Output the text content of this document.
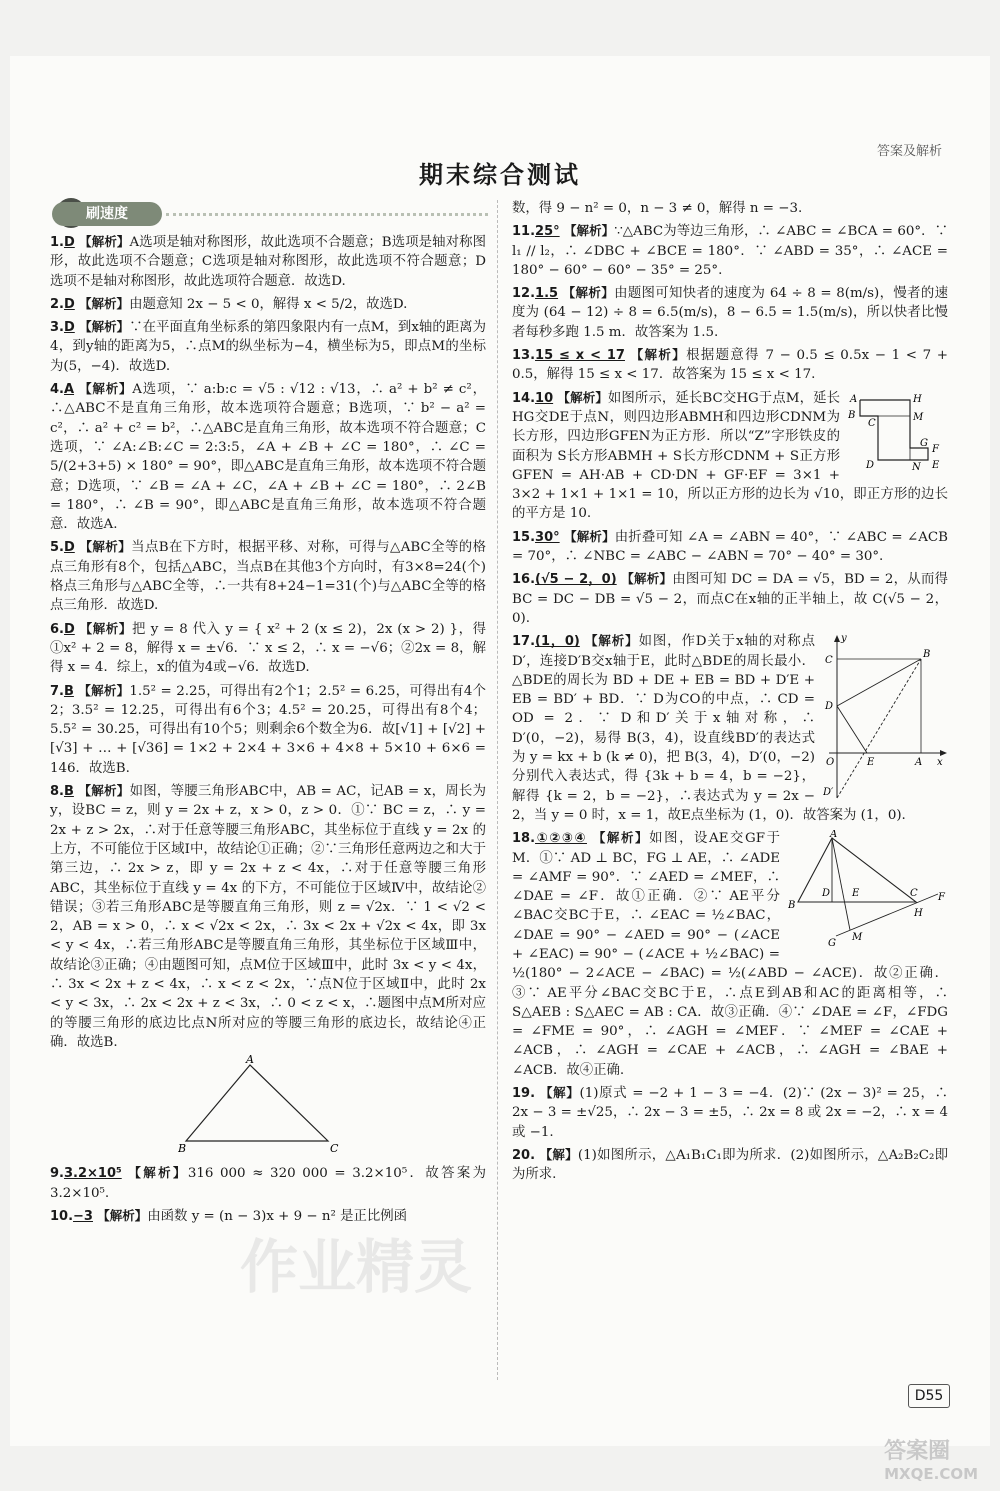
答案及解析
期末综合测试
刷速度
1.D 【解析】A选项是轴对称图形，故此选项不合题意；B选项是轴对称图形，故此选项不合题意；C选项是轴对称图形，故此选项不符合题意；D选项不是轴对称图形，故此选项符合题意．故选D.
2.D 【解析】由题意知 2x − 5 < 0，解得 x < 5/2，故选D.
3.D 【解析】∵在平面直角坐标系的第四象限内有一点M，到x轴的距离为4，到y轴的距离为5，∴点M的纵坐标为−4，横坐标为5，即点M的坐标为(5，−4)．故选D.
4.A 【解析】A选项，∵ a:b:c = √5 : √12 : √13，∴ a² + b² ≠ c²，∴△ABC不是直角三角形，故本选项符合题意；B选项，∵ b² − a² = c²，∴ a² + c² = b²，∴△ABC是直角三角形，故本选项不符合题意；C选项，∵ ∠A:∠B:∠C = 2:3:5，∠A + ∠B + ∠C = 180°，∴ ∠C = 5/(2+3+5) × 180° = 90°，即△ABC是直角三角形，故本选项不符合题意；D选项，∵ ∠B = ∠A + ∠C，∠A + ∠B + ∠C = 180°，∴ 2∠B = 180°，∴ ∠B = 90°，即△ABC是直角三角形，故本选项不符合题意．故选A.
5.D 【解析】当点B在下方时，根据平移、对称，可得与△ABC全等的格点三角形有8个，包括△ABC，当点B在其他3个方向时，有3×8=24(个)格点三角形与△ABC全等，∴一共有8+24−1=31(个)与△ABC全等的格点三角形．故选D.
6.D 【解析】把 y = 8 代入 y = { x² + 2 (x ≤ 2)，2x (x > 2) }，得①x² + 2 = 8，解得 x = ±√6．∵ x ≤ 2，∴ x = −√6；②2x = 8，解得 x = 4．综上，x的值为4或−√6．故选D.
7.B 【解析】1.5² = 2.25，可得出有2个1；2.5² = 6.25，可得出有4个2；3.5² = 12.25，可得出有6个3；4.5² = 20.25，可得出有8个4；5.5² = 30.25，可得出有10个5；则剩余6个数全为6．故[√1] + [√2] + [√3] + … + [√36] = 1×2 + 2×4 + 3×6 + 4×8 + 5×10 + 6×6 = 146．故选B.
8.B 【解析】如图，等腰三角形ABC中，AB = AC，记AB = x，周长为y，设BC = z，则 y = 2x + z，x > 0，z > 0．①∵ BC = z，∴ y = 2x + z > 2x，∴对于任意等腰三角形ABC，其坐标位于直线 y = 2x 的上方，不可能位于区域Ⅰ中，故结论①正确；②∵三角形任意两边之和大于第三边，∴ 2x > z，即 y = 2x + z < 4x，∴对于任意等腰三角形ABC，其坐标位于直线 y = 4x 的下方，不可能位于区域Ⅳ中，故结论②错误；③若三角形ABC是等腰直角三角形，则 z = √2x．∵ 1 < √2 < 2，AB = x > 0，∴ x < √2x < 2x，∴ 3x < 2x + √2x < 4x，即 3x < y < 4x，∴若三角形ABC是等腰直角三角形，其坐标位于区域Ⅲ中，故结论③正确；④由题图可知，点M位于区域Ⅲ中，此时 3x < y < 4x，∴ 3x < 2x + z < 4x，∴ x < z < 2x，∵点N位于区域Ⅱ中，此时 2x < y < 3x，∴ 2x < 2x + z < 3x，∴ 0 < z < x，∴题图中点M所对应的等腰三角形的底边比点N所对应的等腰三角形的底边长，故结论④正确．故选B.
A
B	C
9.3.2×10⁵ 【解析】316 000 ≈ 320 000 = 3.2×10⁵．故答案为 3.2×10⁵.
10.−3 【解析】由函数 y = (n − 3)x + 9 − n² 是正比例函
数，得 9 − n² = 0，n − 3 ≠ 0，解得 n = −3.
11.25° 【解析】∵△ABC为等边三角形，∴ ∠ABC = ∠BCA = 60°．∵ l₁ // l₂，∴ ∠DBC + ∠BCE = 180°．∵ ∠ABD = 35°，∴ ∠ACE = 180° − 60° − 60° − 35° = 25°.
12.1.5 【解析】由题图可知快者的速度为 64 ÷ 8 = 8(m/s)，慢者的速度为 (64 − 12) ÷ 8 = 6.5(m/s)，8 − 6.5 = 1.5(m/s)，所以快者比慢者每秒多跑 1.5 m．故答案为 1.5.
13.15 ≤ x < 17 【解析】根据题意得 7 − 0.5 ≤ 0.5x − 1 < 7 + 0.5，解得 15 ≤ x < 17．故答案为 15 ≤ x < 17.
A	H
B
C
M
G
F
D	N E
14.10 【解析】如图所示，延长BC交HG于点M，延长HG交DE于点N，则四边形ABMH和四边形CDNM为长方形，四边形GFEN为正方形．所以“Z”字形铁皮的面积为 S长方形ABMH + S长方形CDNM + S正方形GFEN = AH·AB + CD·DN + GF·EF = 3×1 + 3×2 + 1×1 + 1×1 = 10，所以正方形的边长为 √10，即正方形的边长的平方是 10.
15.30° 【解析】由折叠可知 ∠A = ∠ABN = 40°，∵ ∠ABC = ∠ACB = 70°，∴ ∠NBC = ∠ABC − ∠ABN = 70° − 40° = 30°.
16.(√5 − 2，0) 【解析】由图可知 DC = DA = √5，BD = 2，从而得 BC = DC − DB = √5 − 2，而点C在x轴的正半轴上，故 C(√5 − 2，0).
y
x
C
B
D
O	E	A
D′
17.(1，0) 【解析】如图，作D关于x轴的对称点D′，连接D′B交x轴于E，此时△BDE的周长最小．△BDE的周长为 BD + DE + EB = BD + D′E + EB = BD′ + BD．∵ D为CO的中点，∴ CD = OD = 2．∵ D和D′关于x轴对称，∴ D′(0，−2)，易得 B(3，4)，设直线BD′的表达式为 y = kx + b (k ≠ 0)，把 B(3，4)，D′(0，−2) 分别代入表达式，得 {3k + b = 4，b = −2}，解得 {k = 2，b = −2}，∴表达式为 y = 2x − 2，当 y = 0 时，x = 1，故E点坐标为 (1，0)．故答案为 (1，0).
A
B
D E	C F
H
G
M
18.①②③④ 【解析】如图，设AE交GF于M．①∵ AD ⊥ BC，FG ⊥ AE，∴ ∠ADE = ∠AMF = 90°．∵ ∠AED = ∠MEF，∴ ∠DAE = ∠F．故①正确．②∵ AE平分∠BAC交BC于E，∴ ∠EAC = ½∠BAC，∠DAE = 90° − ∠AED = 90° − (∠ACE + ∠EAC) = 90° − (∠ACE + ½∠BAC) = ½(180° − 2∠ACE − ∠BAC) = ½(∠ABD − ∠ACE)．故②正确．③∵ AE平分∠BAC交BC于E，∴点E到AB和AC的距离相等，∴ S△AEB : S△AEC = AB : CA．故③正确．④∵ ∠DAE = ∠F，∠FDG = ∠FME = 90°，∴ ∠AGH = ∠MEF．∵ ∠MEF = ∠CAE + ∠ACB，∴ ∠AGH = ∠CAE + ∠ACB，∴ ∠AGH = ∠BAE + ∠ACB．故④正确.
19. 【解】(1)原式 = −2 + 1 − 3 = −4．(2)∵ (2x − 3)² = 25，∴ 2x − 3 = ±√25，∴ 2x − 3 = ±5，∴ 2x = 8 或 2x = −2，∴ x = 4 或 −1.
20. 【解】(1)如图所示，△A₁B₁C₁即为所求．(2)如图所示，△A₂B₂C₂即为所求.
D55
答案圈
MXQE.COM
